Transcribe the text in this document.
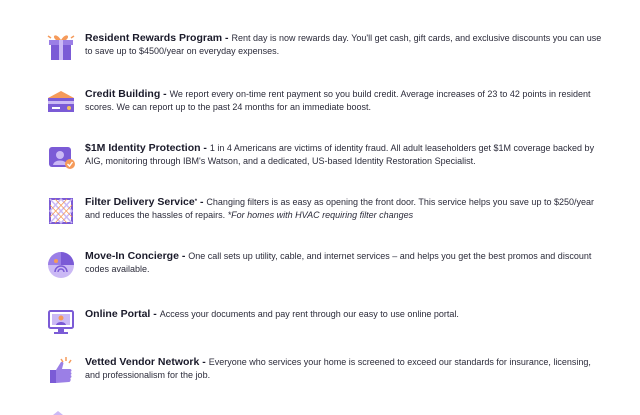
Resident Rewards Program - Rent day is now rewards day. You'll get cash, gift cards, and exclusive discounts you can use to save up to $4500/year on everyday expenses.
Credit Building - We report every on-time rent payment so you build credit. Average increases of 23 to 42 points in resident scores. We can report up to the past 24 months for an immediate boost.
$1M Identity Protection - 1 in 4 Americans are victims of identity fraud. All adult leaseholders get $1M coverage backed by AIG, monitoring through IBM's Watson, and a dedicated, US-based Identity Restoration Specialist.
Filter Delivery Service* - Changing filters is as easy as opening the front door. This service helps you save up to $250/year and reduces the hassles of repairs. *For homes with HVAC requiring filter changes
Move-In Concierge - One call sets up utility, cable, and internet services – and helps you get the best promos and discount codes available.
Online Portal - Access your documents and pay rent through our easy to use online portal.
Vetted Vendor Network - Everyone who services your home is screened to exceed our standards for insurance, licensing, and professionalism for the job.
